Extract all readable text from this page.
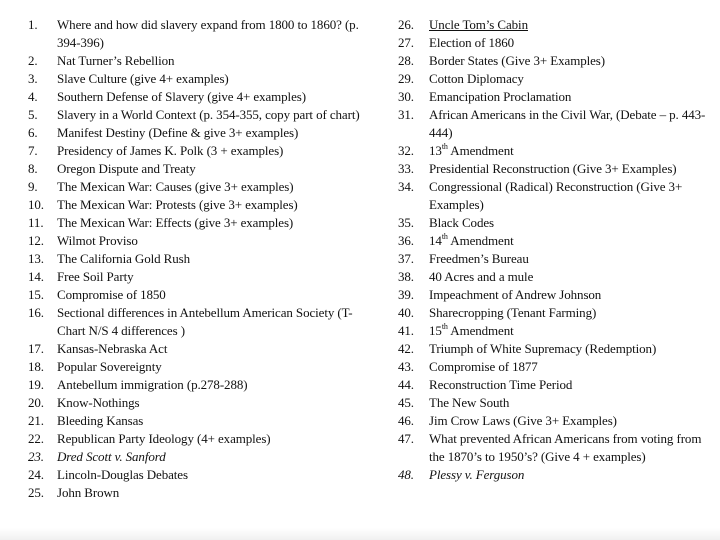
1.	Where and how did slavery expand from 1800 to 1860? (p. 394-396)
2.	Nat Turner’s Rebellion
3.	Slave Culture (give 4+ examples)
4.	Southern Defense of Slavery (give 4+ examples)
5.	Slavery in a World Context (p. 354-355, copy part of chart)
6.	Manifest Destiny (Define & give 3+ examples)
7.	Presidency of James K. Polk (3 + examples)
8.	Oregon Dispute and Treaty
9.	The Mexican War: Causes (give 3+ examples)
10.	The Mexican War: Protests (give 3+ examples)
11.	The Mexican War: Effects (give 3+ examples)
12.	Wilmot Proviso
13.	The California Gold Rush
14.	Free Soil Party
15.	Compromise of 1850
16.	Sectional differences in Antebellum American Society (T-Chart N/S 4 differences )
17.	Kansas-Nebraska Act
18.	Popular Sovereignty
19.	Antebellum immigration (p.278-288)
20.	Know-Nothings
21.	Bleeding Kansas
22.	Republican Party Ideology (4+ examples)
23.	Dred Scott v. Sanford
24.	Lincoln-Douglas Debates
25.	John Brown
26.	Uncle Tom’s Cabin
27.	Election of 1860
28.	Border States (Give 3+ Examples)
29.	Cotton Diplomacy
30.	Emancipation Proclamation
31.	African Americans in the Civil War, (Debate – p. 443-444)
32.	13th Amendment
33.	Presidential Reconstruction (Give 3+ Examples)
34.	Congressional (Radical) Reconstruction (Give 3+ Examples)
35.	Black Codes
36.	14th Amendment
37.	Freedmen’s Bureau
38.	40 Acres and a mule
39.	Impeachment of Andrew Johnson
40.	Sharecropping (Tenant Farming)
41.	15th Amendment
42.	Triumph of White Supremacy (Redemption)
43.	Compromise of 1877
44.	Reconstruction Time Period
45.	The New South
46.	Jim Crow Laws (Give 3+ Examples)
47.	What prevented African Americans from voting from the 1870’s to 1950’s? (Give 4 + examples)
48.	Plessy v. Ferguson
